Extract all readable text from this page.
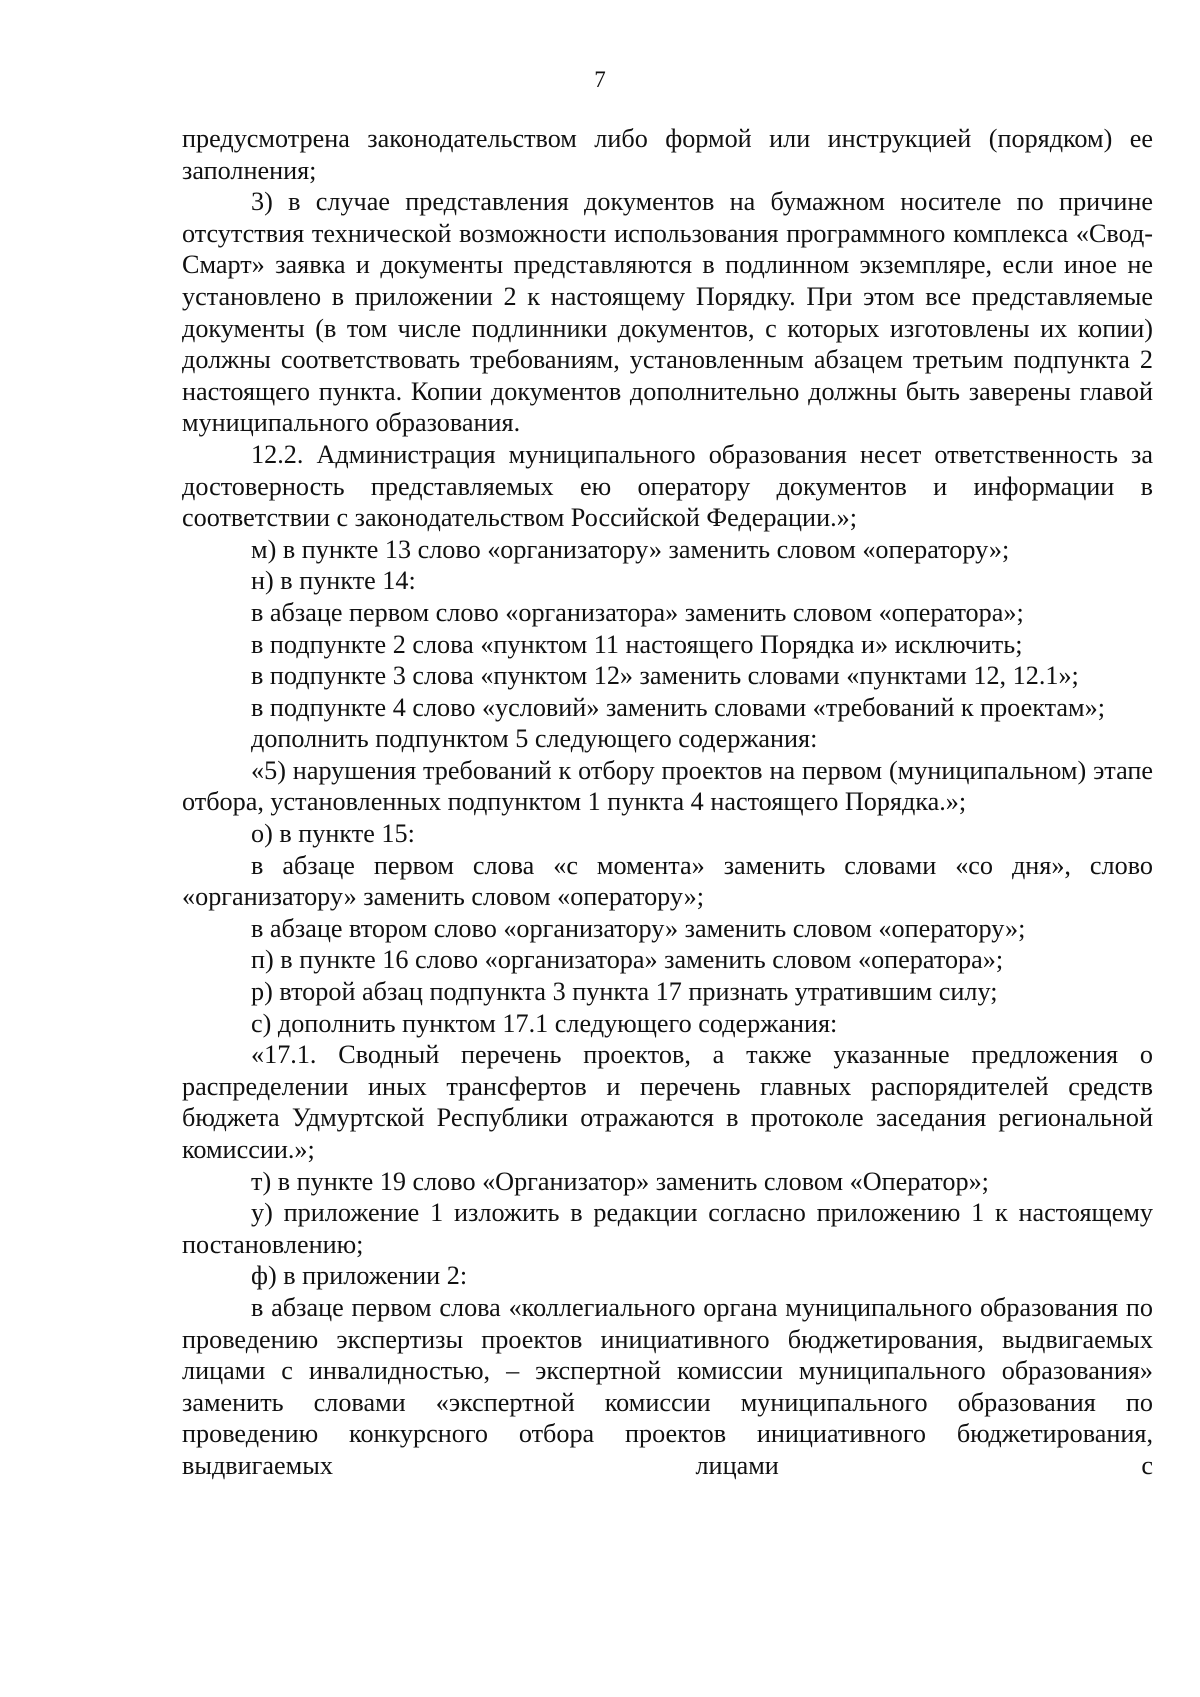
7

предусмотрена законодательством либо формой или инструкцией (порядком) ее заполнения;

3) в случае представления документов на бумажном носителе по причине отсутствия технической возможности использования программного комплекса «Свод-Смарт» заявка и документы представляются в подлинном экземпляре, если иное не установлено в приложении 2 к настоящему Порядку. При этом все представляемые документы (в том числе подлинники документов, с которых изготовлены их копии) должны соответствовать требованиям, установленным абзацем третьим подпункта 2 настоящего пункта. Копии документов дополнительно должны быть заверены главой муниципального образования.

12.2. Администрация муниципального образования несет ответственность за достоверность представляемых ею оператору документов и информации в соответствии с законодательством Российской Федерации.»;

м) в пункте 13 слово «организатору» заменить словом «оператору»;

н) в пункте 14:

в абзаце первом слово «организатора» заменить словом «оператора»;

в подпункте 2 слова «пунктом 11 настоящего Порядка и» исключить;

в подпункте 3 слова «пунктом 12» заменить словами «пунктами 12, 12.1»;

в подпункте 4 слово «условий» заменить словами «требований к проектам»;

дополнить подпунктом 5 следующего содержания:

«5) нарушения требований к отбору проектов на первом (муниципальном) этапе отбора, установленных подпунктом 1 пункта 4 настоящего Порядка.»;

о) в пункте 15:

в абзаце первом слова «с момента» заменить словами «со дня», слово «организатору» заменить словом «оператору»;

в абзаце втором слово «организатору» заменить словом «оператору»;

п) в пункте 16 слово «организатора» заменить словом «оператора»;

р) второй абзац подпункта 3 пункта 17 признать утратившим силу;

с) дополнить пунктом 17.1 следующего содержания:

«17.1. Сводный перечень проектов, а также указанные предложения о распределении иных трансфертов и перечень главных распорядителей средств бюджета Удмуртской Республики отражаются в протоколе заседания региональной комиссии.»;

т) в пункте 19 слово «Организатор» заменить словом «Оператор»;

у) приложение 1 изложить в редакции согласно приложению 1 к настоящему постановлению;

ф) в приложении 2:

в абзаце первом слова «коллегиального органа муниципального образования по проведению экспертизы проектов инициативного бюджетирования, выдвигаемых лицами с инвалидностью, – экспертной комиссии муниципального образования» заменить словами «экспертной комиссии муниципального образования по проведению конкурсного отбора проектов инициативного бюджетирования, выдвигаемых лицами с
